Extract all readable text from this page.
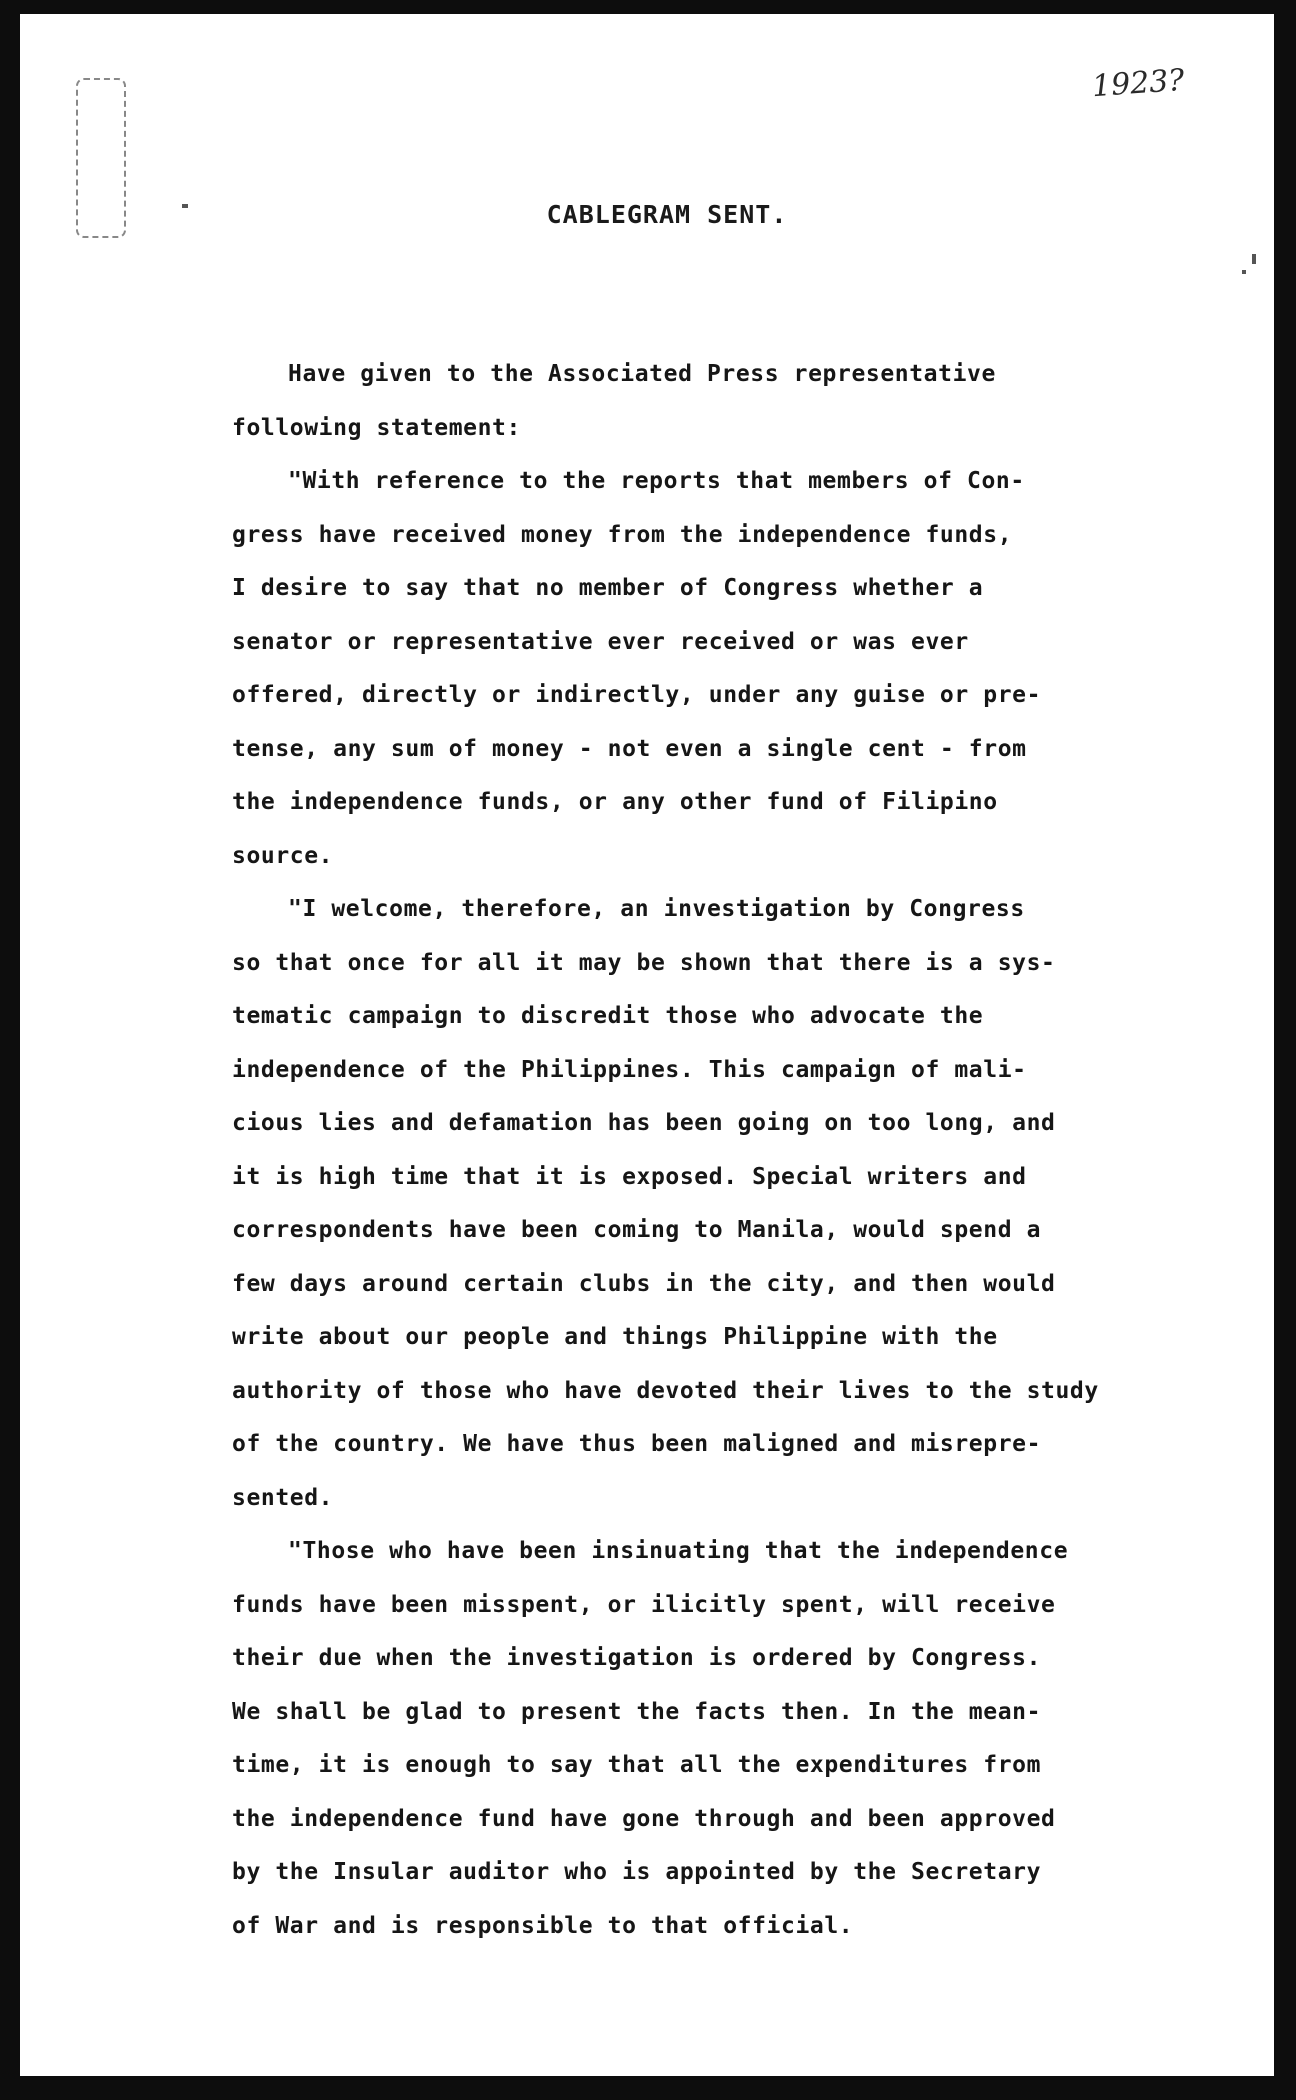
1923?
CABLEGRAM SENT.
Have given to the Associated Press representative
following statement:
"With reference to the reports that members of Con-
gress have received money from the independence funds,
I desire to say that no member of Congress whether a
senator or representative ever received or was ever
offered, directly or indirectly, under any guise or pre-
tense, any sum of money - not even a single cent - from
the independence funds, or any other fund of Filipino
source.
"I welcome, therefore, an investigation by Congress
so that once for all it may be shown that there is a sys-
tematic campaign to discredit those who advocate the
independence of the Philippines. This campaign of mali-
cious lies and defamation has been going on too long, and
it is high time that it is exposed. Special writers and
correspondents have been coming to Manila, would spend a
few days around certain clubs in the city, and then would
write about our people and things Philippine with the
authority of those who have devoted their lives to the study
of the country. We have thus been maligned and misrepre-
sented.
"Those who have been insinuating that the independence
funds have been misspent, or ilicitly spent, will receive
their due when the investigation is ordered by Congress.
We shall be glad to present the facts then. In the mean-
time, it is enough to say that all the expenditures from
the independence fund have gone through and been approved
by the Insular auditor who is appointed by the Secretary
of War and is responsible to that official.
